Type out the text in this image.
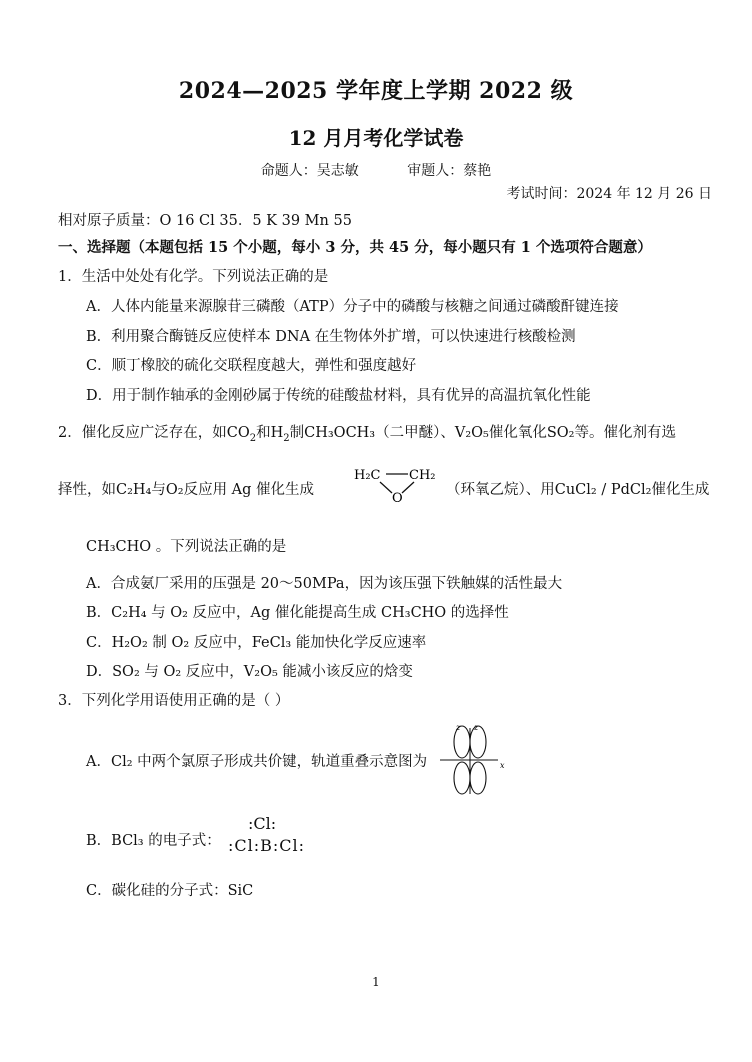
2024—2025 学年度上学期 2022 级
12 月月考化学试卷
命题人：吴志敏	审题人：蔡艳
考试时间：2024 年 12 月 26 日
相对原子质量：O 16 Cl 35．5 K 39 Mn 55
一、选择题（本题包括 15 个小题，每小 3 分，共 45 分，每小题只有 1 个选项符合题意）
1．生活中处处有化学。下列说法正确的是
A．人体内能量来源腺苷三磷酸（ATP）分子中的磷酸与核糖之间通过磷酸酐键连接
B．利用聚合酶链反应使样本 DNA 在生物体外扩增，可以快速进行核酸检测
C．顺丁橡胶的硫化交联程度越大，弹性和强度越好
D．用于制作轴承的金刚砂属于传统的硅酸盐材料，具有优异的高温抗氧化性能
2．催化反应广泛存在，如$CO_2$和$H_2$制CH₃OCH₃（二甲醚）、V₂O₅催化氧化SO₂等。催化剂有选
择性，如C₂H₄与O₂反应用 Ag 催化生成
H₂C CH₂
O
（环氧乙烷）、用CuCl₂ / PdCl₂催化生成
CH₃CHO 。下列说法正确的是
A．合成氨厂采用的压强是 20～50MPa，因为该压强下铁触媒的活性最大
B．C₂H₄ 与 O₂ 反应中，Ag 催化能提高生成 CH₃CHO 的选择性
C．H₂O₂ 制 O₂ 反应中，FeCl₃ 能加快化学反应速率
D．SO₂ 与 O₂ 反应中，V₂O₅ 能减小该反应的焓变
3．下列化学用语使用正确的是（ ）
A．Cl₂ 中两个氯原子形成共价键，轨道重叠示意图为
z z
x
B．BCl₃ 的电子式：
:Cl:
:Cl:B:Cl:
C．碳化硅的分子式：SiC
1
